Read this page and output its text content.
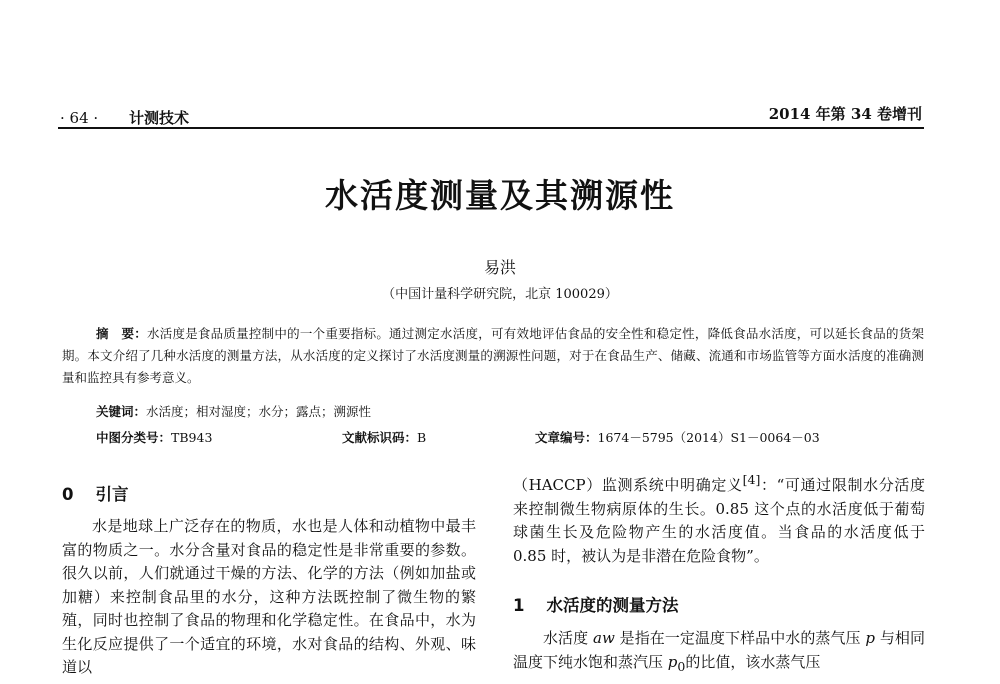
· 64 · 计测技术	2014 年第 34 卷增刊
水活度测量及其溯源性
易洪
（中国计量科学研究院，北京 100029）

摘　要：水活度是食品质量控制中的一个重要指标。通过测定水活度，可有效地评估食品的安全性和稳定性，降低食品水活度，可以延长食品的货架期。本文介绍了几种水活度的测量方法，从水活度的定义探讨了水活度测量的溯源性问题，对于在食品生产、储藏、流通和市场监管等方面水活度的准确测量和监控具有参考意义。

关键词：水活度；相对湿度；水分；露点；溯源性
中图分类号：TB943	文献标识码：B	文章编号：1674－5795（2014）S1－0064－03
0 引言

水是地球上广泛存在的物质，水也是人体和动植物中最丰富的物质之一。水分含量对食品的稳定性是非常重要的参数。很久以前，人们就通过干燥的方法、化学的方法（例如加盐或加糖）来控制食品里的水分，这种方法既控制了微生物的繁殖，同时也控制了食品的物理和化学稳定性。在食品中，水为生化反应提供了一个适宜的环境，水对食品的结构、外观、味道以

（HACCP）监测系统中明确定义[4]：“可通过限制水分活度来控制微生物病原体的生长。0.85 这个点的水活度低于葡萄球菌生长及危险物产生的水活度值。当食品的水活度低于 0.85 时，被认为是非潜在危险食物”。

1 水活度的测量方法

水活度 aw 是指在一定温度下样品中水的蒸气压 p 与相同温度下纯水饱和蒸汽压 $p_0$的比值，该水蒸气压
